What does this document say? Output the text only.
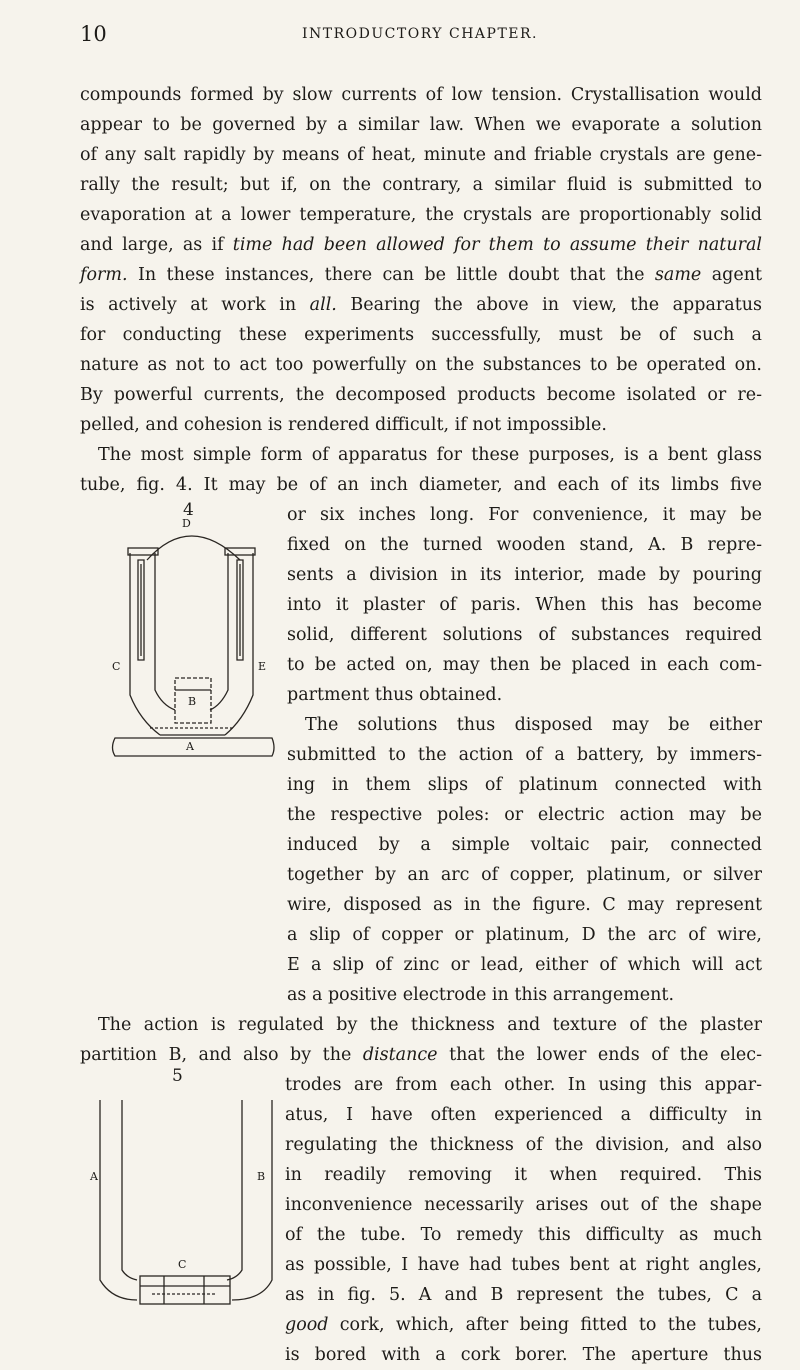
10	INTRODUCTORY CHAPTER.
compounds formed by slow currents of low tension. Crystallisation would
appear to be governed by a similar law. When we evaporate a solution
of any salt rapidly by means of heat, minute and friable crystals are gene-
rally the result; but if, on the contrary, a similar fluid is submitted to
evaporation at a lower temperature, the crystals are proportionably solid
and large, as if time had been allowed for them to assume their natural
form. In these instances, there can be little doubt that the same agent
is actively at work in all. Bearing the above in view, the apparatus
for conducting these experiments successfully, must be of such a
nature as not to act too powerfully on the substances to be operated on.
By powerful currents, the decomposed products become isolated or re-
pelled, and cohesion is rendered difficult, if not impossible.
The most simple form of apparatus for these purposes, is a bent glass
tube, fig. 4. It may be of an inch diameter, and each of its limbs five
4
D
C	E
B
A
or six inches long. For convenience, it may be
fixed on the turned wooden stand, A. B repre-
sents a division in its interior, made by pouring
into it plaster of paris. When this has become
solid, different solutions of substances required
to be acted on, may then be placed in each com-
partment thus obtained.
The solutions thus disposed may be either
submitted to the action of a battery, by immers-
ing in them slips of platinum connected with
the respective poles: or electric action may be
induced by a simple voltaic pair, connected
together by an arc of copper, platinum, or silver
wire, disposed as in the figure. C may represent
a slip of copper or platinum, D the arc of wire,
E a slip of zinc or lead, either of which will act
as a positive electrode in this arrangement.
The action is regulated by the thickness and texture of the plaster
partition B, and also by the distance that the lower ends of the elec-
5
A	B
C
trodes are from each other. In using this appar-
atus, I have often experienced a difficulty in
regulating the thickness of the division, and also
in readily removing it when required. This
inconvenience necessarily arises out of the shape
of the tube. To remedy this difficulty as much
as possible, I have had tubes bent at right angles,
as in fig. 5. A and B represent the tubes, C a
good cork, which, after being fitted to the tubes,
is bored with a cork borer. The aperture thus
